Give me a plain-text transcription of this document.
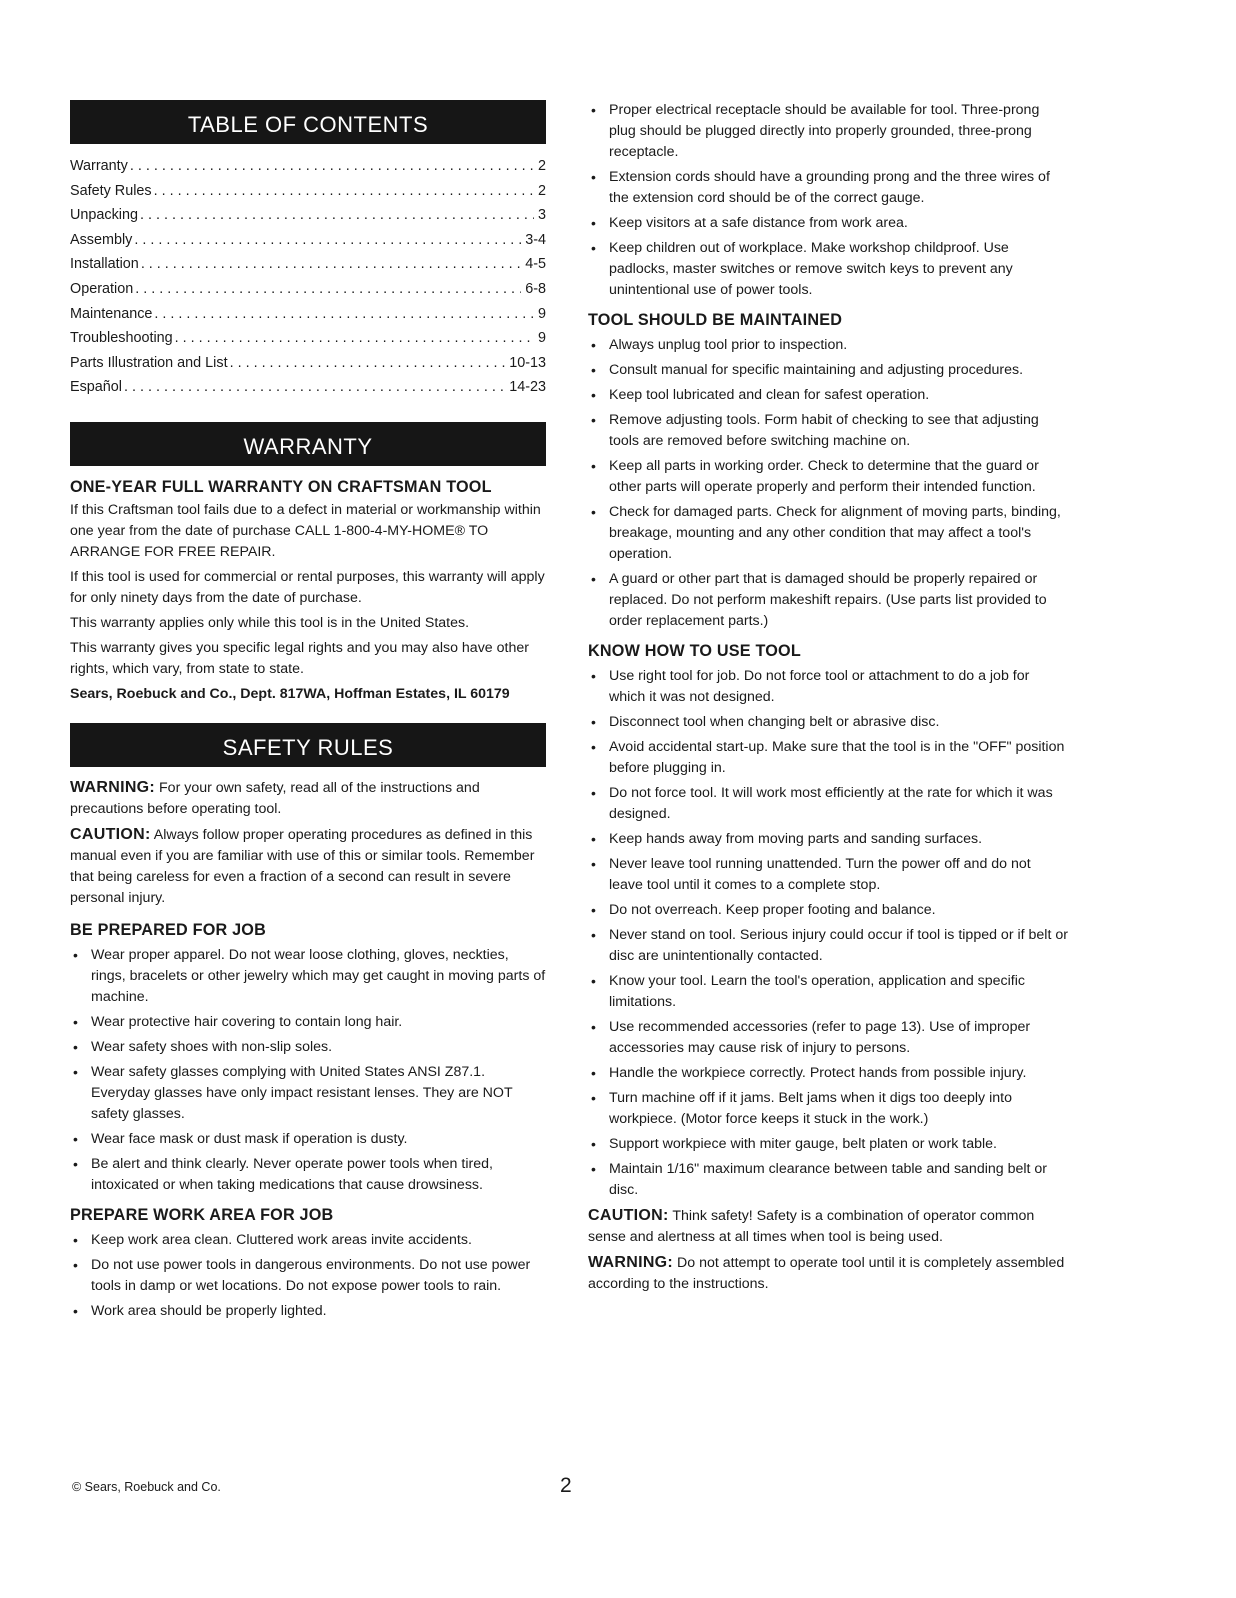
TABLE OF CONTENTS
Warranty . . .	2
Safety Rules . . .	2
Unpacking . . .	3
Assembly . . .	3-4
Installation . . .	4-5
Operation . . .	6-8
Maintenance . . .	9
Troubleshooting . . .	9
Parts Illustration and List . . .	10-13
Español . . .	14-23
WARRANTY
ONE-YEAR FULL WARRANTY ON CRAFTSMAN TOOL

If this Craftsman tool fails due to a defect in material or workmanship within one year from the date of purchase CALL 1-800-4-MY-HOME® TO ARRANGE FOR FREE REPAIR.

If this tool is used for commercial or rental purposes, this warranty will apply for only ninety days from the date of purchase.

This warranty applies only while this tool is in the United States.

This warranty gives you specific legal rights and you may also have other rights, which vary, from state to state.

Sears, Roebuck and Co., Dept. 817WA, Hoffman Estates, IL 60179

SAFETY RULES

WARNING: For your own safety, read all of the instructions and precautions before operating tool.

CAUTION: Always follow proper operating procedures as defined in this manual even if you are familiar with use of this or similar tools. Remember that being careless for even a fraction of a second can result in severe personal injury.

BE PREPARED FOR JOB
• Wear proper apparel. Do not wear loose clothing, gloves, neckties, rings, bracelets or other jewelry which may get caught in moving parts of machine.
• Wear protective hair covering to contain long hair.
• Wear safety shoes with non-slip soles.
• Wear safety glasses complying with United States ANSI Z87.1. Everyday glasses have only impact resistant lenses. They are NOT safety glasses.
• Wear face mask or dust mask if operation is dusty.
• Be alert and think clearly. Never operate power tools when tired, intoxicated or when taking medications that cause drowsiness.
PREPARE WORK AREA FOR JOB
• Keep work area clean. Cluttered work areas invite accidents.
• Do not use power tools in dangerous environments. Do not use power tools in damp or wet locations. Do not expose power tools to rain.
• Work area should be properly lighted.
• Proper electrical receptacle should be available for tool. Three-prong plug should be plugged directly into properly grounded, three-prong receptacle.
• Extension cords should have a grounding prong and the three wires of the extension cord should be of the correct gauge.
• Keep visitors at a safe distance from work area.
• Keep children out of workplace. Make workshop childproof. Use padlocks, master switches or remove switch keys to prevent any unintentional use of power tools.
TOOL SHOULD BE MAINTAINED
• Always unplug tool prior to inspection.
• Consult manual for specific maintaining and adjusting procedures.
• Keep tool lubricated and clean for safest operation.
• Remove adjusting tools. Form habit of checking to see that adjusting tools are removed before switching machine on.
• Keep all parts in working order. Check to determine that the guard or other parts will operate properly and perform their intended function.
• Check for damaged parts. Check for alignment of moving parts, binding, breakage, mounting and any other condition that may affect a tool's operation.
• A guard or other part that is damaged should be properly repaired or replaced. Do not perform makeshift repairs. (Use parts list provided to order replacement parts.)
KNOW HOW TO USE TOOL
• Use right tool for job. Do not force tool or attachment to do a job for which it was not designed.
• Disconnect tool when changing belt or abrasive disc.
• Avoid accidental start-up. Make sure that the tool is in the "OFF" position before plugging in.
• Do not force tool. It will work most efficiently at the rate for which it was designed.
• Keep hands away from moving parts and sanding surfaces.
• Never leave tool running unattended. Turn the power off and do not leave tool until it comes to a complete stop.
• Do not overreach. Keep proper footing and balance.
• Never stand on tool. Serious injury could occur if tool is tipped or if belt or disc are unintentionally contacted.
• Know your tool. Learn the tool's operation, application and specific limitations.
• Use recommended accessories (refer to page 13). Use of improper accessories may cause risk of injury to persons.
• Handle the workpiece correctly. Protect hands from possible injury.
• Turn machine off if it jams. Belt jams when it digs too deeply into workpiece. (Motor force keeps it stuck in the work.)
• Support workpiece with miter gauge, belt platen or work table.
• Maintain 1/16" maximum clearance between table and sanding belt or disc.

CAUTION: Think safety! Safety is a combination of operator common sense and alertness at all times when tool is being used.

WARNING: Do not attempt to operate tool until it is completely assembled according to the instructions.

© Sears, Roebuck and Co.	2
